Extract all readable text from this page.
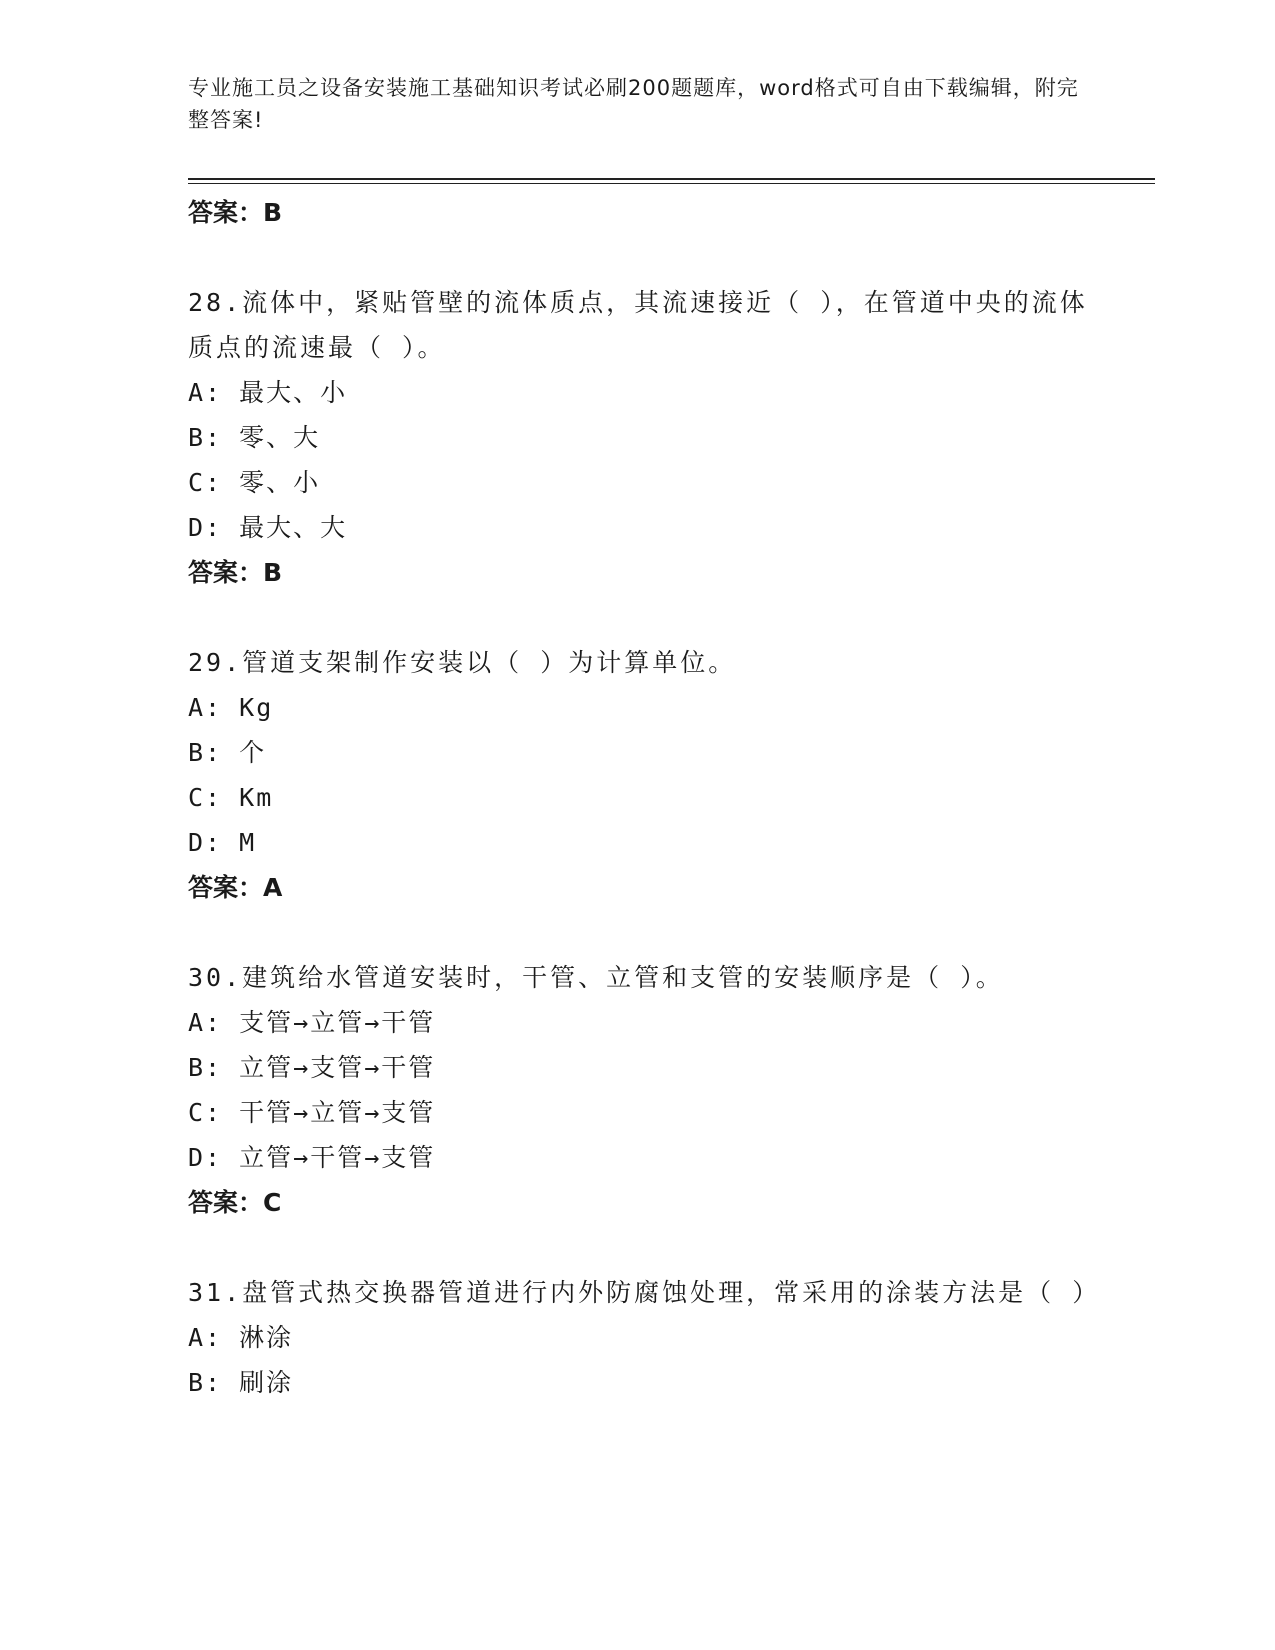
专业施工员之设备安装施工基础知识考试必刷200题题库，word格式可自由下载编辑，附完整答案!
答案：B
28.流体中，紧贴管壁的流体质点，其流速接近（ ），在管道中央的流体质点的流速最（ ）。
A: 最大、小
B: 零、大
C: 零、小
D: 最大、大
答案：B
29.管道支架制作安装以（ ）为计算单位。
A: Kg
B: 个
C: Km
D: M
答案：A
30.建筑给水管道安装时，干管、立管和支管的安装顺序是（ ）。
A: 支管→立管→干管
B: 立管→支管→干管
C: 干管→立管→支管
D: 立管→干管→支管
答案：C
31.盘管式热交换器管道进行内外防腐蚀处理，常采用的涂装方法是（ ）
A: 淋涂
B: 刷涂
